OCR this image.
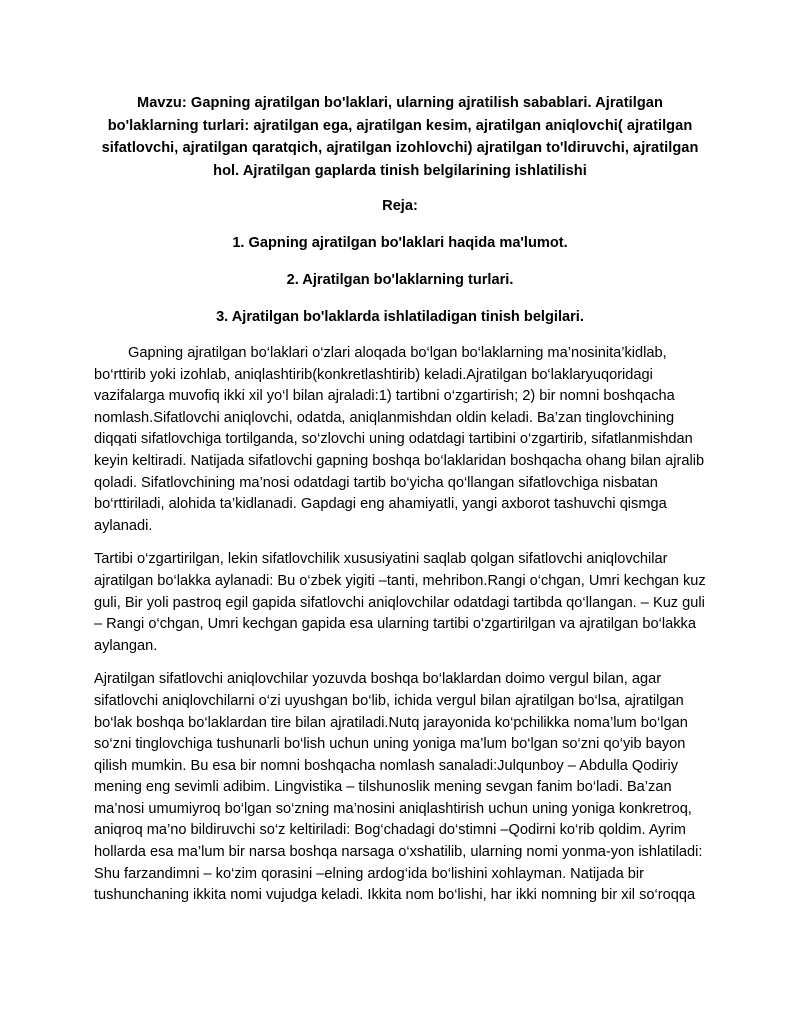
Mavzu: Gapning ajratilgan bo'laklari, ularning ajratilish sabablari. Ajratilgan bo'laklarning turlari: ajratilgan ega, ajratilgan kesim, ajratilgan aniqlovchi( ajratilgan sifatlovchi, ajratilgan qaratqich, ajratilgan izohlovchi) ajratilgan to'ldiruvchi, ajratilgan hol. Ajratilgan gaplarda tinish belgilarining ishlatilishi

Reja:

1. Gapning ajratilgan bo'laklari haqida ma'lumot.

2. Ajratilgan bo'laklarning turlari.

3. Ajratilgan bo'laklarda ishlatiladigan tinish belgilari.

Gapning ajratilgan bo‘laklari o‘zlari aloqada bo‘lgan bo‘laklarning ma’nosinita’kidlab, bo‘rttirib yoki izohlab, aniqlashtirib(konkretlashtirib) keladi.Ajratilgan bo‘laklaryuqoridagi vazifalarga muvofiq ikki xil yo‘l bilan ajraladi:1) tartibni o‘zgartirish; 2) bir nomni boshqacha nomlash.Sifatlovchi aniqlovchi, odatda, aniqlanmishdan oldin keladi. Ba’zan tinglovchining diqqati sifatlovchiga tortilganda, so‘zlovchi uning odatdagi tartibini o‘zgartirib, sifatlanmishdan keyin keltiradi. Natijada sifatlovchi gapning boshqa bo‘laklaridan boshqacha ohang bilan ajralib qoladi. Sifatlovchining ma’nosi odatdagi tartib bo‘yicha qo‘llangan sifatlovchiga nisbatan bo‘rttiriladi, alohida ta’kidlanadi. Gapdagi eng ahamiyatli, yangi axborot tashuvchi qismga aylanadi.

Tartibi o‘zgartirilgan, lekin sifatlovchilik xususiyatini saqlab qolgan sifatlovchi aniqlovchilar ajratilgan bo‘lakka aylanadi: Bu o‘zbek yigiti –tanti, mehribon.Rangi o‘chgan, Umri kechgan kuz guli, Bir yoli pastroq egil gapida sifatlovchi aniqlovchilar odatdagi tartibda qo‘llangan. – Kuz guli – Rangi o‘chgan, Umri kechgan gapida esa ularning tartibi o‘zgartirilgan va ajratilgan bo‘lakka aylangan.

Ajratilgan sifatlovchi aniqlovchilar yozuvda boshqa bo‘laklardan doimo vergul bilan, agar sifatlovchi aniqlovchilarni o‘zi uyushgan bo‘lib, ichida vergul bilan ajratilgan bo‘lsa, ajratilgan bo‘lak boshqa bo‘laklardan tire bilan ajratiladi.Nutq jarayonida ko‘pchilikka noma’lum bo‘lgan so‘zni tinglovchiga tushunarli bo‘lish uchun uning yoniga ma’lum bo‘lgan so‘zni qo‘yib bayon qilish mumkin. Bu esa bir nomni boshqacha nomlash sanaladi:Julqunboy – Abdulla Qodiriy mening eng sevimli adibim. Lingvistika – tilshunoslik mening sevgan fanim bo‘ladi. Ba’zan ma’nosi umumiyroq bo‘lgan so‘zning ma’nosini aniqlashtirish uchun uning yoniga konkretroq, aniqroq ma’no bildiruvchi so‘z keltiriladi: Bog‘chadagi do‘stimni –Qodirni ko‘rib qoldim. Ayrim hollarda esa ma’lum bir narsa boshqa narsaga o‘xshatilib, ularning nomi yonma-yon ishlatiladi: Shu farzandimni – ko‘zim qorasini –elning ardog‘ida bo‘lishini xohlayman. Natijada bir tushunchaning ikkita nomi vujudga keladi. Ikkita nom bo‘lishi, har ikki nomning bir xil so‘roqqa
